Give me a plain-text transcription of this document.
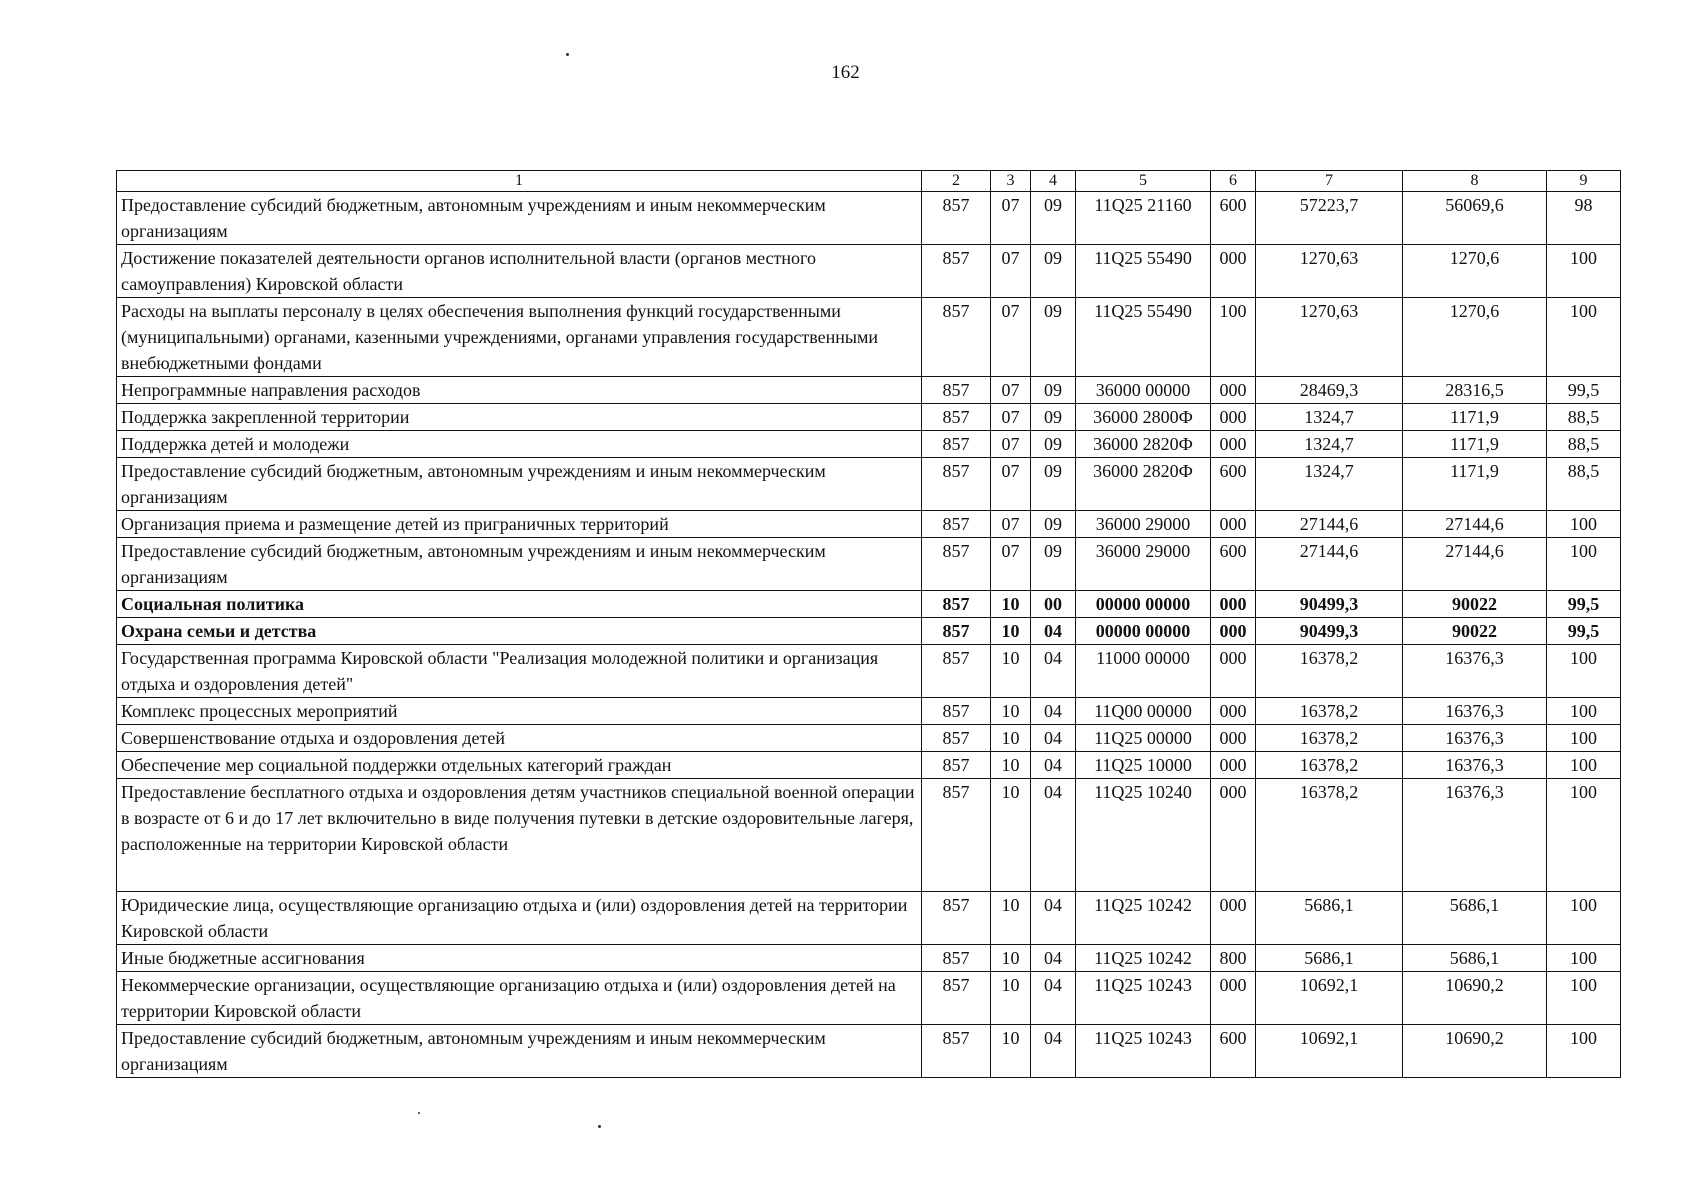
162
1	2	3	4	5	6	7	8	9
Предоставление субсидий бюджетным, автономным учреждениям и иным некоммерческим организациям	857	07	09	11Q25 21160	600	57223,7	56069,6	98
Достижение показателей деятельности органов исполнительной власти (органов местного самоуправления) Кировской области	857	07	09	11Q25 55490	000	1270,63	1270,6	100
Расходы на выплаты персоналу в целях обеспечения выполнения функций государственными (муниципальными) органами, казенными учреждениями, органами управления государственными внебюджетными фондами	857	07	09	11Q25 55490	100	1270,63	1270,6	100
Непрограммные направления расходов	857	07	09	36000 00000	000	28469,3	28316,5	99,5
Поддержка закрепленной территории	857	07	09	36000 2800Ф	000	1324,7	1171,9	88,5
Поддержка детей и молодежи	857	07	09	36000 2820Ф	000	1324,7	1171,9	88,5
Предоставление субсидий бюджетным, автономным учреждениям и иным некоммерческим организациям	857	07	09	36000 2820Ф	600	1324,7	1171,9	88,5
Организация приема и размещение детей из приграничных территорий	857	07	09	36000 29000	000	27144,6	27144,6	100
Предоставление субсидий бюджетным, автономным учреждениям и иным некоммерческим организациям	857	07	09	36000 29000	600	27144,6	27144,6	100
Социальная политика	857	10	00	00000 00000	000	90499,3	90022	99,5
Охрана семьи и детства	857	10	04	00000 00000	000	90499,3	90022	99,5
Государственная программа Кировской области "Реализация молодежной политики и организация отдыха и оздоровления детей"	857	10	04	11000 00000	000	16378,2	16376,3	100
Комплекс процессных мероприятий	857	10	04	11Q00 00000	000	16378,2	16376,3	100
Совершенствование отдыха и оздоровления детей	857	10	04	11Q25 00000	000	16378,2	16376,3	100
Обеспечение мер социальной поддержки отдельных категорий граждан	857	10	04	11Q25 10000	000	16378,2	16376,3	100
Предоставление бесплатного отдыха и оздоровления детям участников специальной военной операции в возрасте от 6 и до 17 лет включительно в виде получения путевки в детские оздоровительные лагеря, расположенные на территории Кировской области	857	10	04	11Q25 10240	000	16378,2	16376,3	100
Юридические лица, осуществляющие организацию отдыха и (или) оздоровления детей на территории Кировской области	857	10	04	11Q25 10242	000	5686,1	5686,1	100
Иные бюджетные ассигнования	857	10	04	11Q25 10242	800	5686,1	5686,1	100
Некоммерческие организации, осуществляющие организацию отдыха и (или) оздоровления детей на территории Кировской области	857	10	04	11Q25 10243	000	10692,1	10690,2	100
Предоставление субсидий бюджетным, автономным учреждениям и иным некоммерческим организациям	857	10	04	11Q25 10243	600	10692,1	10690,2	100
